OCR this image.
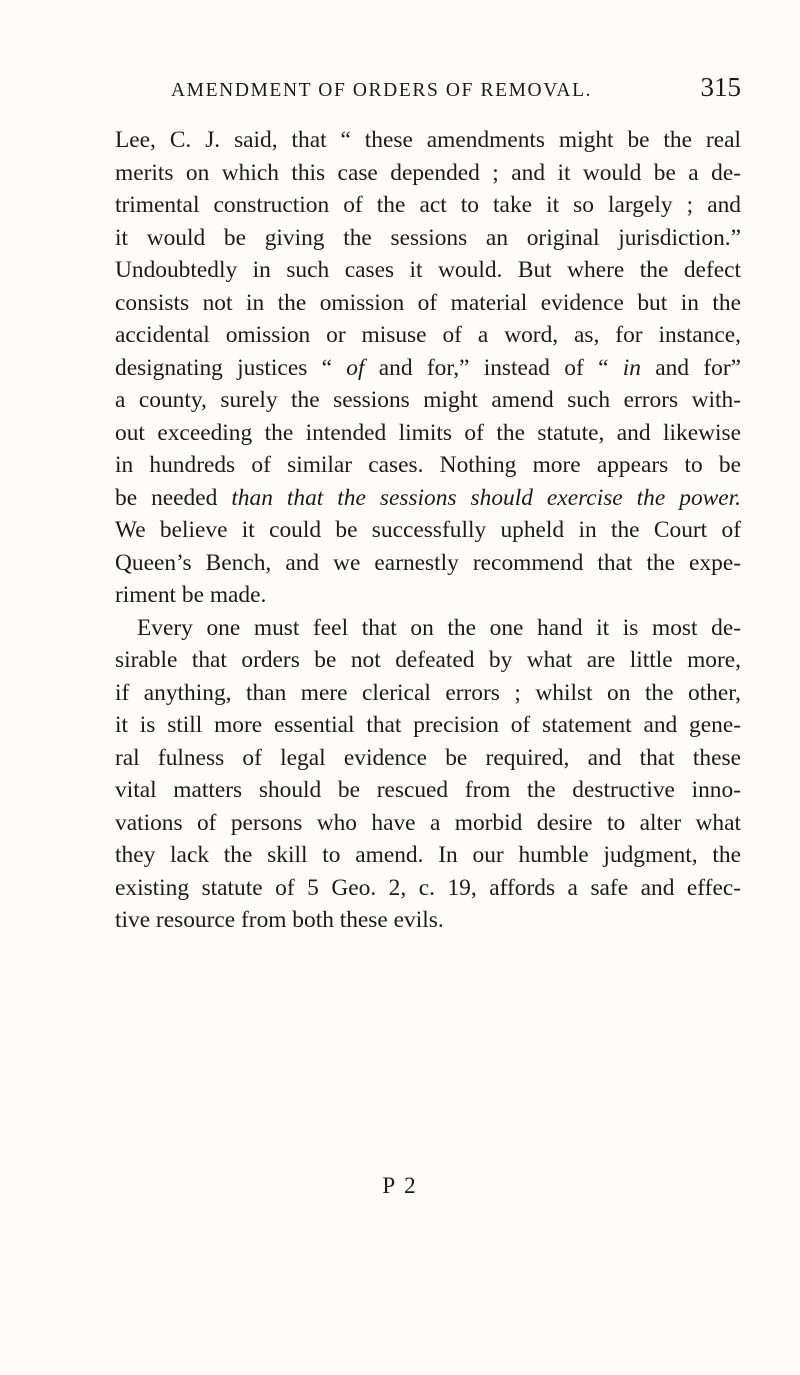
AMENDMENT OF ORDERS OF REMOVAL.	315
Lee, C. J. said, that “ these amendments might be the real
merits on which this case depended ; and it would be a de-
trimental construction of the act to take it so largely ; and
it would be giving the sessions an original jurisdiction.”
Undoubtedly in such cases it would. But where the defect
consists not in the omission of material evidence but in the
accidental omission or misuse of a word, as, for instance,
designating justices “ of and for,” instead of “ in and for”
a county, surely the sessions might amend such errors with-
out exceeding the intended limits of the statute, and likewise
in hundreds of similar cases. Nothing more appears to be
be needed than that the sessions should exercise the power.
We believe it could be successfully upheld in the Court of
Queen’s Bench, and we earnestly recommend that the expe-
riment be made.
Every one must feel that on the one hand it is most de-
sirable that orders be not defeated by what are little more,
if anything, than mere clerical errors ; whilst on the other,
it is still more essential that precision of statement and gene-
ral fulness of legal evidence be required, and that these
vital matters should be rescued from the destructive inno-
vations of persons who have a morbid desire to alter what
they lack the skill to amend. In our humble judgment, the
existing statute of 5 Geo. 2, c. 19, affords a safe and effec-
tive resource from both these evils.
P 2
